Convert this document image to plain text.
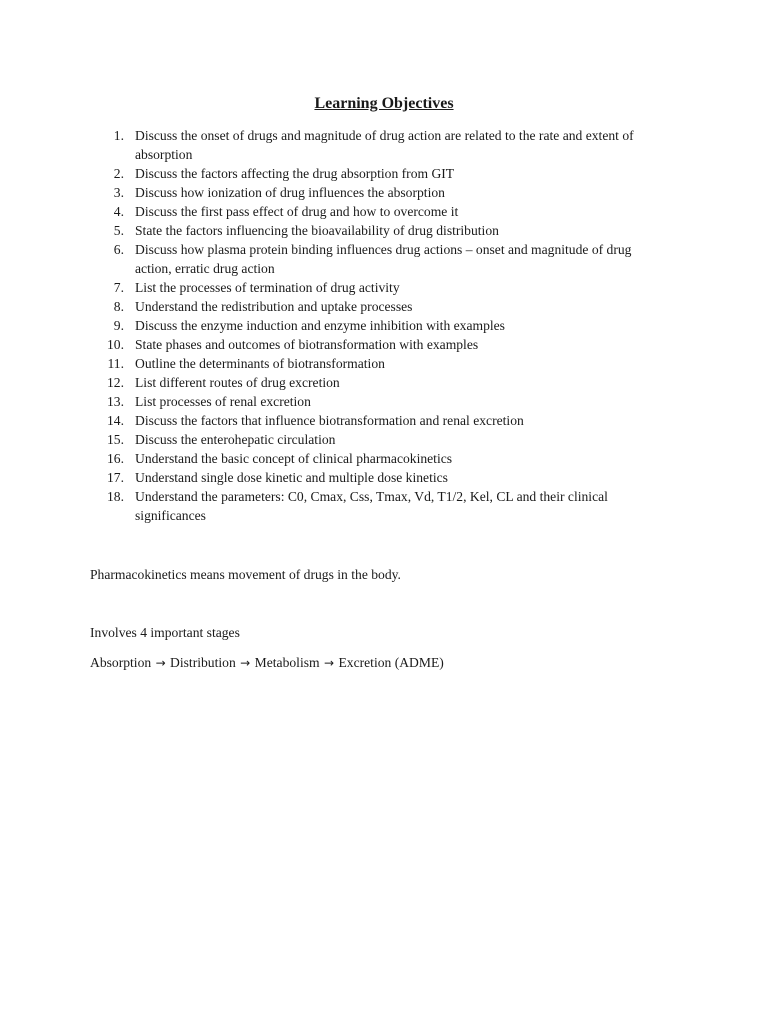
Learning Objectives
1. Discuss the onset of drugs and magnitude of drug action are related to the rate and extent of absorption
2. Discuss the factors affecting the drug absorption from GIT
3. Discuss how ionization of drug influences the absorption
4. Discuss the first pass effect of drug and how to overcome it
5. State the factors influencing the bioavailability of drug distribution
6. Discuss how plasma protein binding influences drug actions – onset and magnitude of drug action, erratic drug action
7. List the processes of termination of drug activity
8. Understand the redistribution and uptake processes
9. Discuss the enzyme induction and enzyme inhibition with examples
10. State phases and outcomes of biotransformation with examples
11. Outline the determinants of biotransformation
12. List different routes of drug excretion
13. List processes of renal excretion
14. Discuss the factors that influence biotransformation and renal excretion
15. Discuss the enterohepatic circulation
16. Understand the basic concept of clinical pharmacokinetics
17. Understand single dose kinetic and multiple dose kinetics
18. Understand the parameters: C0, Cmax, Css, Tmax, Vd, T1/2, Kel, CL and their clinical significances

Pharmacokinetics means movement of drugs in the body.

Involves 4 important stages

Absorption → Distribution → Metabolism → Excretion (ADME)
